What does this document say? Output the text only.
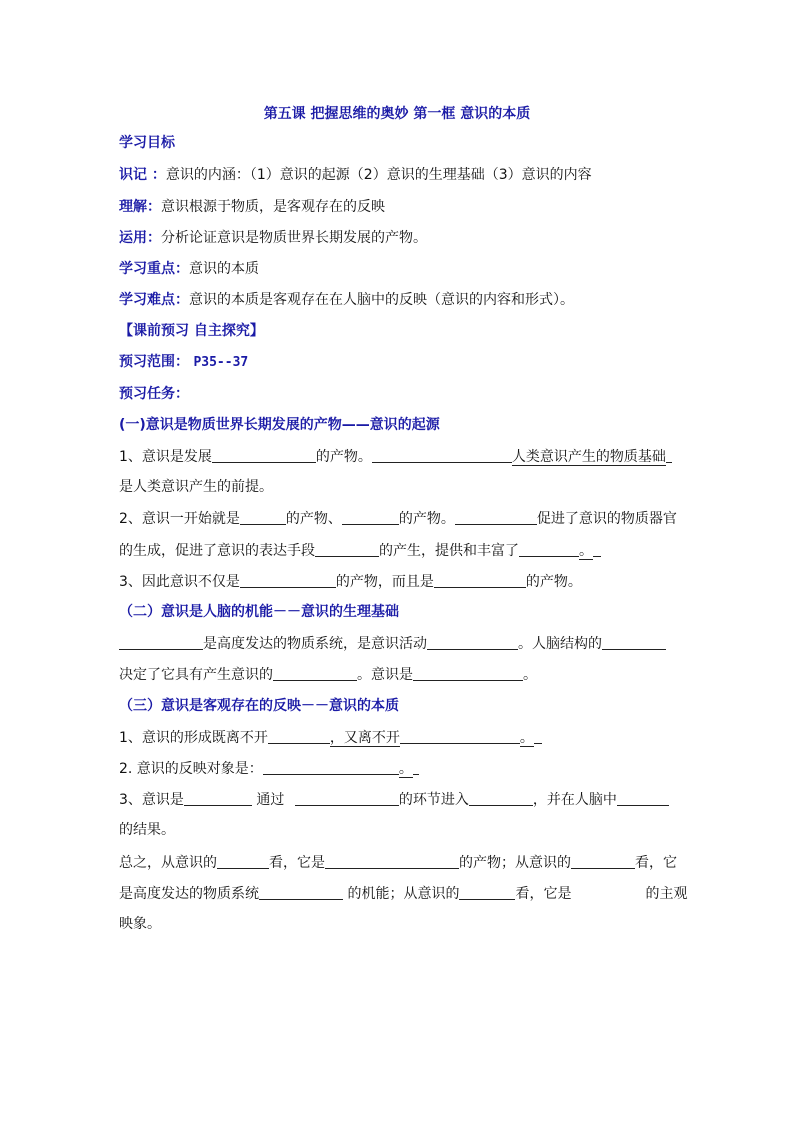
第五课 把握思维的奥妙 第一框 意识的本质
学习目标
识记 ：意识的内涵：（1）意识的起源（2）意识的生理基础（3）意识的内容
理解：意识根源于物质，是客观存在的反映
运用：分析论证意识是物质世界长期发展的产物。
学习重点：意识的本质
学习难点：意识的本质是客观存在在人脑中的反映（意识的内容和形式）。
【课前预习 自主探究】
预习范围： P35--37
预习任务：
(一)意识是物质世界长期发展的产物——意识的起源
1、意识是发展	的产物。	人类意识产生的物质基础
是人类意识产生的前提。
2、意识一开始就是	的产物、	的产物。	促进了意识的物质器官
的生成，促进了意识的表达手段	的产生，提供和丰富了	。
3、因此意识不仅是	的产物，而且是	的产物。
（二）意识是人脑的机能－－意识的生理基础
是高度发达的物质系统，是意识活动	。人脑结构的
决定了它具有产生意识的	。意识是	。
（三）意识是客观存在的反映－－意识的本质
1、意识的形成既离不开	，又离不开	。
2. 意识的反映对象是：	。
3、意识是	通过	的环节进入	，并在人脑中
的结果。
总之，从意识的	看，它是	的产物；从意识的	看，它
是高度发达的物质系统	的机能；从意识的	看，它是	的主观
映象。
